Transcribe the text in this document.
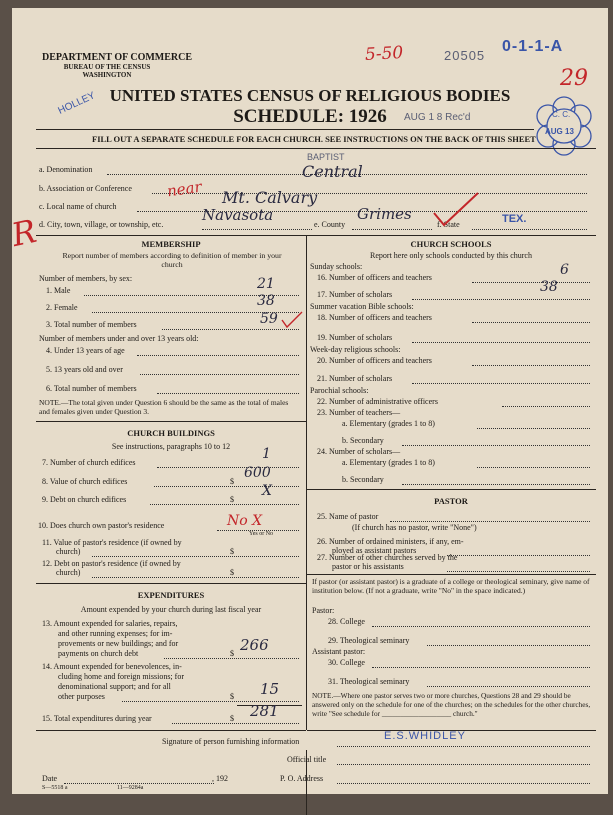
DEPARTMENT OF COMMERCE
BUREAU OF THE CENSUS
WASHINGTON
5-50	20505
0-1-1-A
29
HOLLEY UNITED STATES CENSUS OF RELIGIOUS BODIES
SCHEDULE: 1926	AUG 1 8 Rec'd	C. C.
AUG 13
FILL OUT A SEPARATE SCHEDULE FOR EACH CHURCH. SEE INSTRUCTIONS ON THE BACK OF THIS SHEET
a. Denomination
BAPTIST
Central
b. Association or Conference
c. Local name of church	Mt. Calvary
near
d. City, town, village, or township, etc.
Navasota
e. County
Grimes
f. State	TEX.
R	MEMBERSHIP
Report number of members according to definition of member in your church
Number of members, by sex:
1. Male	21
2. Female	38
3. Total number of members	59
Number of members under and over 13 years old:
4. Under 13 years of age
5. 13 years old and over
6. Total number of members
NOTE.—The total given under Question 6 should be the same as the total of males and females given under Question 3.
CHURCH BUILDINGS
See instructions, paragraphs 10 to 12
7. Number of church edifices
1
8. Value of church edifices	$
600
9. Debt on church edifices	$
X
10. Does church own pastor's residence	No X
Yes or No
11. Value of pastor's residence (if owned by
church)	$
12. Debt on pastor's residence (if owned by
church)	$
EXPENDITURES
Amount expended by your church during last fiscal year
13. Amount expended for salaries, repairs,
and other running expenses; for im-
provements or new buildings; and for
payments on church debt	$ 266
14. Amount expended for benevolences, in-
cluding home and foreign missions; for
denominational support; and for all
other purposes	$ 15
15. Total expenditures during year	$ 281
CHURCH SCHOOLS
Report here only schools conducted by this church
Sunday schools:
16. Number of officers and teachers	6
17. Number of scholars	38
Summer vacation Bible schools:
18. Number of officers and teachers
19. Number of scholars
Week-day religious schools:
20. Number of officers and teachers
21. Number of scholars
Parochial schools:
22. Number of administrative officers
23. Number of teachers—
a. Elementary (grades 1 to 8)
b. Secondary
24. Number of scholars—
a. Elementary (grades 1 to 8)
b. Secondary
PASTOR
25. Name of pastor
(If church has no pastor, write "None")
26. Number of ordained ministers, if any, em-
ployed as assistant pastors
27. Number of other churches served by the
pastor or his assistants
If pastor (or assistant pastor) is a graduate of a college or theological seminary, give name of institution below. (If not a graduate, write "No" in the space indicated.)
Pastor:
28. College
29. Theological seminary
Assistant pastor:
30. College
31. Theological seminary
NOTE.—Where one pastor serves two or more churches, Questions 28 and 29 should be answered only on the schedule for one of the churches; on the schedules for the other churches, write "See schedule for ___________________ church."
Signature of person furnishing information	E.S.WHIDLEY
Official title
Date	, 192	P. O. Address
S—5518 a	11—9284a
